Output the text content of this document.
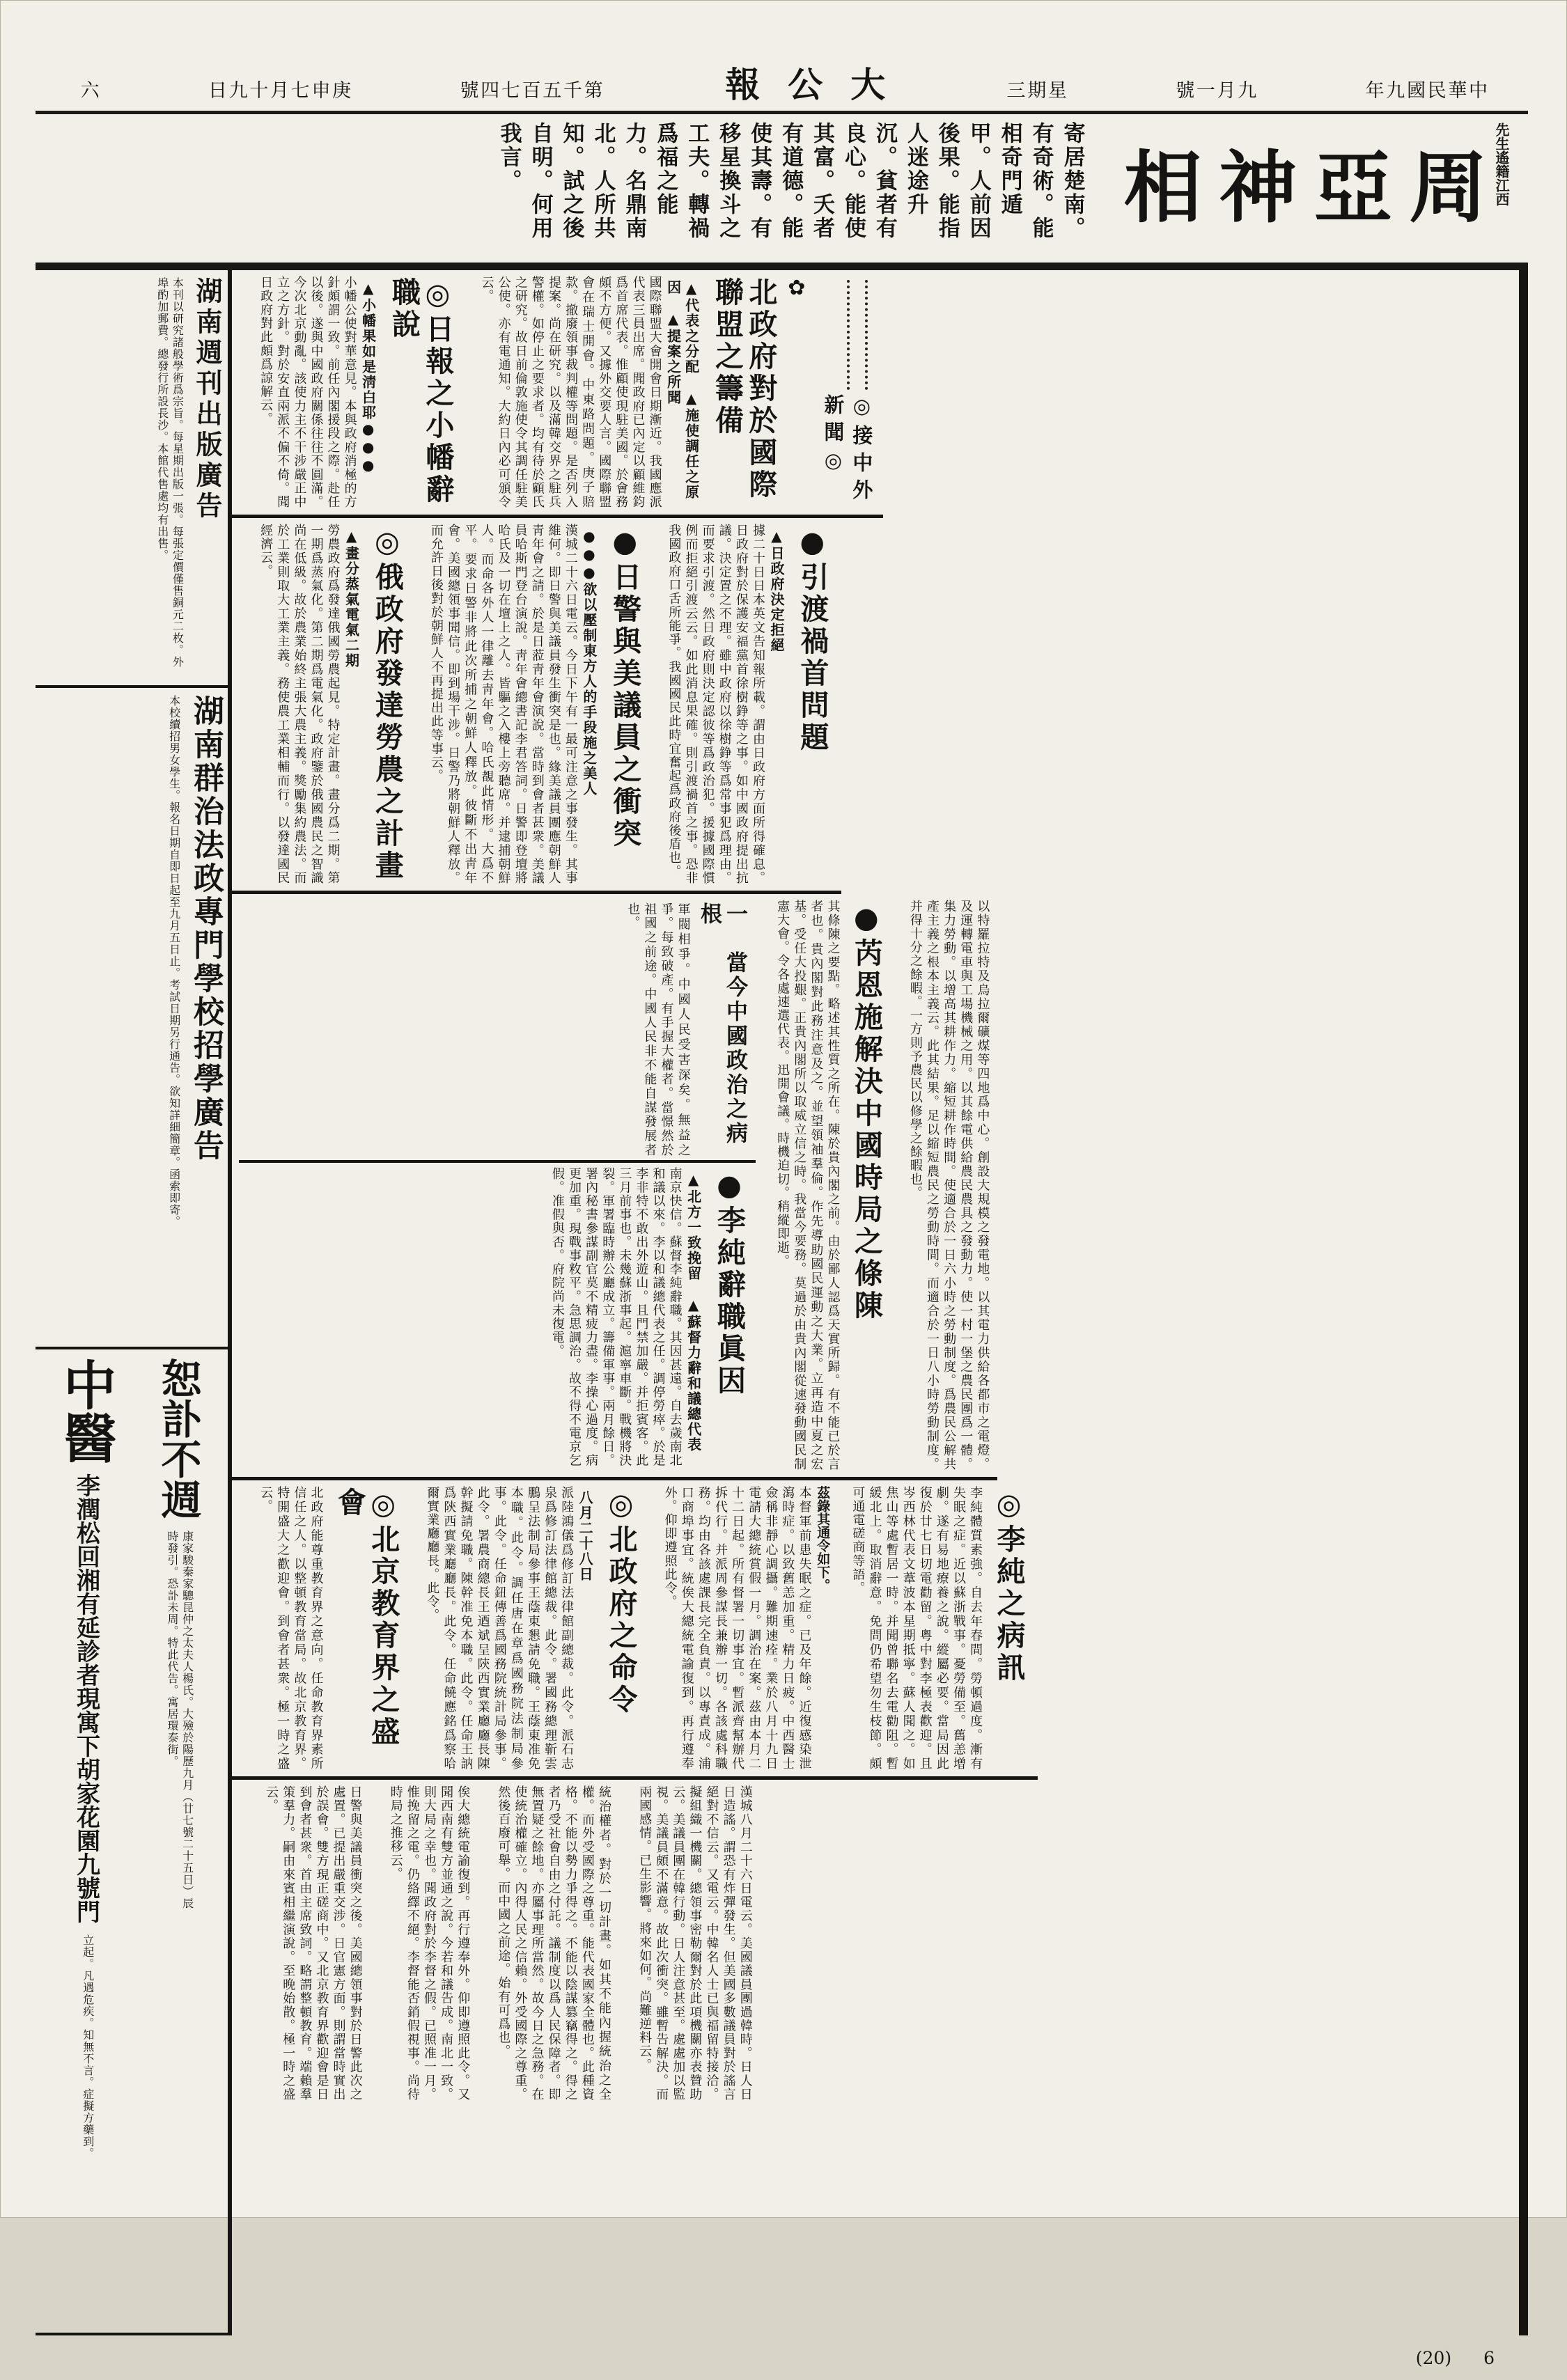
中華民國九年
九月一號
星期三
大公報
第千五百七四號
庚申七月十九日
六
先生遙籍江西
周亞神相
寄居楚南。有奇術。能相奇門遁甲。人前因後果。能指人迷途升沉。貧者有良心。能使其富。夭者有道德。能使其壽。有移星換斗之工夫。轉禍爲福之能力。名鼎南北。人所共知。試之後自明。何用我言。
湖南週刊出版廣告

本刊以研究諸般學術爲宗旨。每星期出版一張。每張定價僅售銅元二枚。外埠酌加郵費。總發行所設長沙。本館代售處均有出售。

湖南群治法政專門學校招學廣告

本校續招男女學生。報名日期自即日起至九月五日止。考試日期另行通告。欲知詳細簡章。函索即寄。

恕訃不週

康家駿秦家驄昆仲之太夫人楊氏。大殮於陽歷九月（廿七號二十五日）辰時發引。恐訃未周。特此代告。寓居環泰街。

中醫
李潤松回湘有延診者現寓下胡家花園九號門

立起。凡遇危疾。知無不言。症擬方藥到。

◎接中外新聞◎
✿
北政府對於國際聯盟之籌備
▲代表之分配　▲施使調任之原因　▲提案之所聞

國際聯盟大會開會日期漸近。我國應派代表三員出席。聞政府已內定以顧維鈞爲首席代表。惟顧使現駐美國。於會務頗不方便。又據外交要人言。國際聯盟會在瑞士開會。中東路問題。庚子賠款。撤廢領事裁判權等問題。是否列入提案。尚在研究。以及滿韓交界之駐兵警權。如停止之要求者。均有待於顧氏之研究。故日前倫敦施使令其調任駐美公使。亦有電通知。大約日內必可頒令云。

◎日報之小幡辭職說
▲小幡果如是淸白耶●●●

小幡公使對華意見。本與政府消極的方針頗謂一致。前任內閣援段之際。赴任以後。遂與中國政府關係往往不圓滿。今次北京動亂。該使力主不干涉嚴正中立之方針。對於安直兩派不偏不倚。聞日政府對此頗爲諒解云。

●引渡禍首問題
▲日政府決定拒絕

據二十日日本英文告知報所載。謂由日政府方面所得確息。日政府對於保護安福黨首徐樹錚等之事。如中國政府提出抗議。決定置之不理。雖中政府以徐樹錚等爲常事犯爲理由。而要求引渡。然日政府則決定認彼等爲政治犯。援據國際慣例而拒絕引渡云云。如此消息果確。則引渡禍首之事。恐非我國政府口舌所能爭。我國國民此時宜奮起爲政府後盾也。

●日警與美議員之衝突
●●●欲以壓制東方人的手段施之美人

漢城二十六日電云。今日下午有一最可注意之事發生。其事維何。即日警與美議員發生衝突是也。緣美議員團應朝鮮人靑年會之請。於是日蒞靑年會演說。當時到會者甚衆。美議員哈斯門登台演說。靑年會總書記李君答詞。日警即登壇將哈氏及一切在壇上之人。皆驅之入樓上旁聽席。并逮捕朝鮮人。而命各外人一律離去靑年會。哈氏覩此情形。大爲不平。要求日警非將此次所捕之朝鮮人釋放。彼斷不出靑年會。美國總領事聞信。即到場干涉。日警乃將朝鮮人釋放。而允許日後對於朝鮮人不再提出此等事云。

◎俄政府發達勞農之計畫
▲畫分蒸氣電氣二期

勞農政府爲發達俄國勞農起見。特定計畫。畫分爲二期。第一期爲蒸氣化。第二期爲電氣化。政府鑒於俄國農民之智識尚在低級。故於農業始終主張大農主義。獎勵集約農法。而於工業則取大工業主義。務使農工業相輔而行。以發達國民經濟云。

以特羅拉特及烏拉爾礦煤等四地爲中心。創設大規模之發電地。以其電力供給各都市之電燈。及運轉電車與工場機械之用。以其餘電供給農民農具之發動力。使一村一堡之農民團爲一體。集力勞動。以增高其耕作力。縮短耕作時間。使適合於一日六小時之勞動制度。爲農民公解共產主義之根本主義云。此其結果。足以縮短農民之勞動時間。而適合於一日八小時勞動制度。并得十分之餘暇。一方則予農民以修學之餘暇也。

●芮恩施解決中國時局之條陳

其條陳之要點。略述其性質之所在。陳於貴內閣之前。由於鄙人認爲天實所歸。有不能已於言者也。貴內閣對此務注意及之。並望領袖羣倫。作先導助國民運動之大業。立再造中夏之宏基。受任大投艱。正貴內閣所以取威立信之時。我當今要務。莫過於由貴內閣從速發動國民制憲大會。令各處速選代表。迅開會議。時機迫切。稍縱即逝。

一　當今中國政治之病根

軍閥相爭。中國人民受害深矣。無益之爭。每致破產。有手握大權者。當憬然於祖國之前途。中國人民非不能自謀發展者也。

●李純辭職眞因
▲北方一致挽留　▲蘇督力辭和議總代表

南京快信。蘇督李純辭職。其因甚遠。自去歲南北和議以來。李以和議總代表之任。調停勞瘁。於是李非特不敢出外遊山。且門禁加嚴。并拒賓客。此三月前事也。未幾蘇浙事起。滬寧車斷。戰機將決裂。軍署臨時辦公廳成立。籌備軍事。兩月餘日。署內秘書參謀副官莫不精疲力盡。李操心過度。病更加重。現戰事敉平。急思調治。故不得不電京乞假。准假與否。府院尚未復電。

◎李純之病訊

李純體質素強。自去年春間。勞頓過度。漸有失眠之症。近以蘇浙戰事。憂勞備至。舊恙增劇。遂有易地療養之說。縱屬必要。當局因此復於廿七日切電勸留。粵中對李極表歡迎。且岑西林代表文葦波本星期抵寧。蘇人聞之。如焦山等處暫居一時。并聞曾聯名去電勸阻。暫緩北上。取消辭意。免問仍希望勿生枝節。頗可通電磋商等語。

茲錄其通令如下。

本督軍前患失眠之症。已及年餘。近復感染泄瀉時症。以致舊恙加重。精力日疲。中西醫士僉稱非靜心調攝。難期速痊。業於八月十九日電請大總統賞假一月。調治在案。茲由本月二十二日起。所有督署一切事宜。暫派齊幫辦代拆代行。并派周參謀長兼辦一切。各該處科職務。均由各該處課長完全負責。以專責成。浦口商埠事宜。統俟大總統電諭復到。再行遵奉外。仰即遵照此令。

◎北政府之命令
八月二十八日

派陸鴻儀爲修訂法律館副總裁。此令。派石志泉爲修訂法律館總裁。此令。署國務總理靳雲鵬呈法制局參事王蔭東懇請免職。王蔭東准免本職。此令。調任唐在章爲國務院法制局參事。此令。任命鈕傳善爲國務院統計局參事。此令。署農商總長王迺斌呈陝西實業廳廳長陳幹擬請免職。陳幹准免本職。此令。任命王訥爲陝西實業廳廳長。此令。任命饒應銘爲察哈爾實業廳廳長。此令。

◎北京教育界之盛會

北政府能尊重教育界之意向。任命教育界素所信任之人。以整頓教育當局。故北京教育界。特開盛大之歡迎會。到會者甚衆。極一時之盛云。

漢城八月二十六日電云。美國議員團過韓時。日人日日造謠。謂恐有炸彈發生。但美國多數議員對於謠言絕對不信云。又電云。中韓名人士已與福留特接洽。擬組織一機關。總領事密勒爾對於此項機關亦表贊助云。美議員團在韓行動。日人注意甚至。處處加以監視。美議員頗不滿意。故此次衝突。雖暫告解決。而兩國感情。已生影響。將來如何。尚難逆料云。

統治權者。對於一切計畫。如其不能內握統治之全權。而外受國際之尊重。能代表國家全體也。此種資格。不能以勢力爭得之。不能以陰謀篡竊得之。得之者乃受社會自由之付託。議制度以爲人民保障者。即無置疑之餘地。亦屬事理所當然。故今日之急務。在使統治權確立。內得人民之信賴。外受國際之尊重。然後百廢可舉。而中國之前途。始有可爲也。

俟大總統電諭復到。再行遵奉外。仰即遵照此令。又聞西南有雙方並通之說。今若和議告成。南北一致。則大局之幸也。聞政府對於李督之假。已照准一月。惟挽留之電。仍絡繹不絕。李督能否銷假視事。尚待時局之推移云。

日警與美議員衝突之後。美國總領事對於日警此次之處置。已提出嚴重交涉。日官憲方面。則謂當時實出於誤會。雙方現正磋商中。又北京教育界歡迎會是日到會者甚衆。首由主席致詞。略謂整頓教育。端賴羣策羣力。嗣由來賓相繼演說。至晚始散。極一時之盛云。

(20) 6
